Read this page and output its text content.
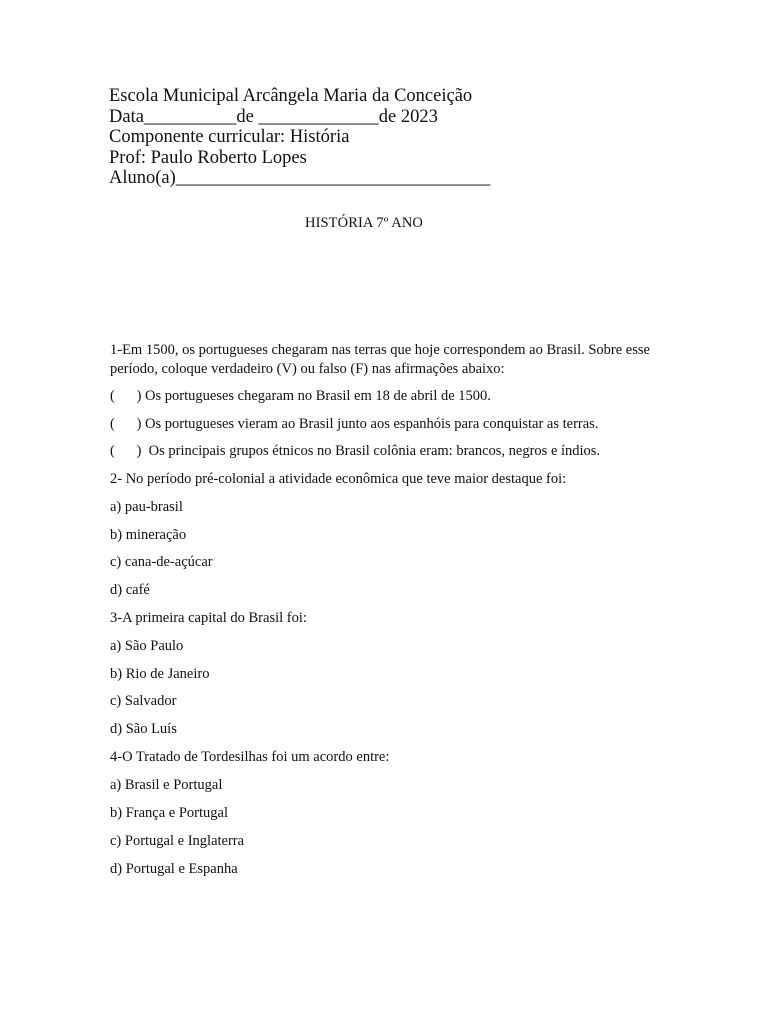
Escola Municipal Arcângela Maria da Conceição
Data__________de _____________de 2023
Componente curricular: História
Prof: Paulo Roberto Lopes
Aluno(a)__________________________________
HISTÓRIA 7º ANO
1-Em 1500, os portugueses chegaram nas terras que hoje correspondem ao Brasil. Sobre esse período, coloque verdadeiro (V) ou falso (F) nas afirmações abaixo:
(      ) Os portugueses chegaram no Brasil em 18 de abril de 1500.
(      ) Os portugueses vieram ao Brasil junto aos espanhóis para conquistar as terras.
(      )  Os principais grupos étnicos no Brasil colônia eram: brancos, negros e índios.
2- No período pré-colonial a atividade econômica que teve maior destaque foi:
a) pau-brasil
b) mineração
c) cana-de-açúcar
d) café
3-A primeira capital do Brasil foi:
a) São Paulo
b) Rio de Janeiro
c) Salvador
d) São Luís
4-O Tratado de Tordesilhas foi um acordo entre:
a) Brasil e Portugal
b) França e Portugal
c) Portugal e Inglaterra
d) Portugal e Espanha
